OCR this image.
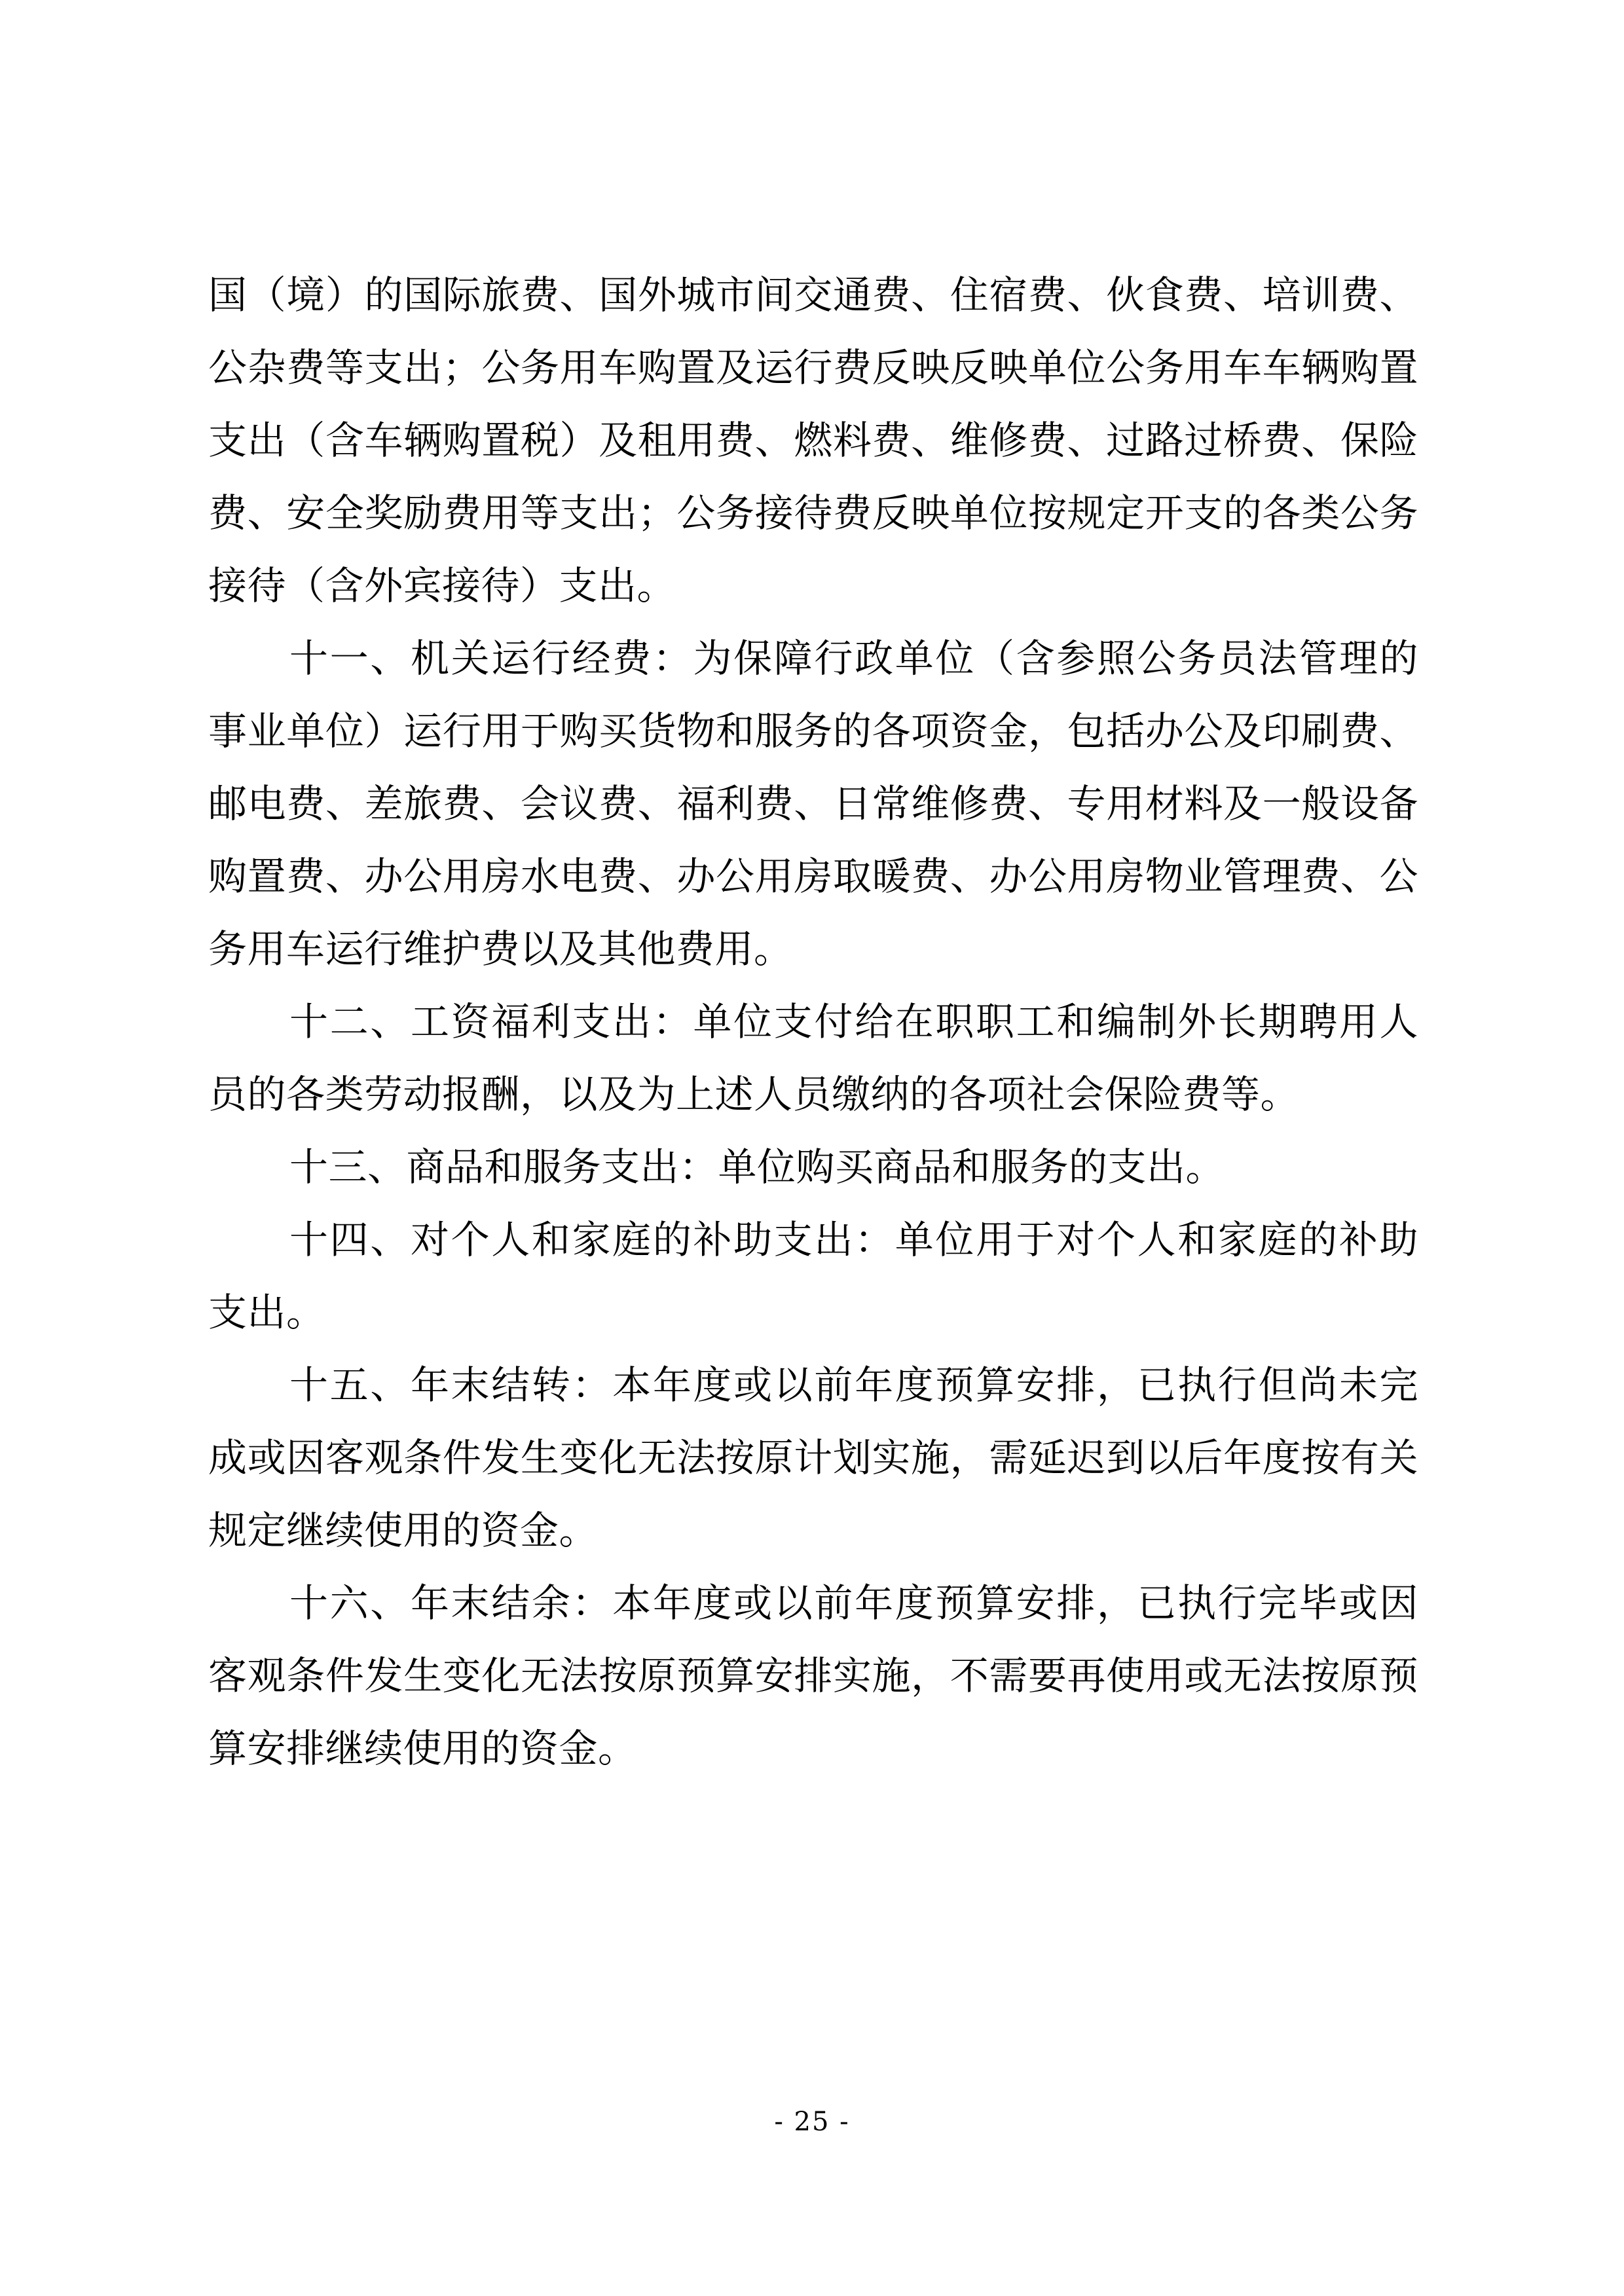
国（境）的国际旅费、国外城市间交通费、住宿费、伙食费、培训费、公杂费等支出；公务用车购置及运行费反映反映单位公务用车车辆购置支出（含车辆购置税）及租用费、燃料费、维修费、过路过桥费、保险费、安全奖励费用等支出；公务接待费反映单位按规定开支的各类公务接待（含外宾接待）支出。

十一、机关运行经费：为保障行政单位（含参照公务员法管理的事业单位）运行用于购买货物和服务的各项资金，包括办公及印刷费、邮电费、差旅费、会议费、福利费、日常维修费、专用材料及一般设备购置费、办公用房水电费、办公用房取暖费、办公用房物业管理费、公务用车运行维护费以及其他费用。

十二、工资福利支出：单位支付给在职职工和编制外长期聘用人员的各类劳动报酬，以及为上述人员缴纳的各项社会保险费等。

十三、商品和服务支出：单位购买商品和服务的支出。

十四、对个人和家庭的补助支出：单位用于对个人和家庭的补助支出。

十五、年末结转：本年度或以前年度预算安排，已执行但尚未完成或因客观条件发生变化无法按原计划实施，需延迟到以后年度按有关规定继续使用的资金。

十六、年末结余：本年度或以前年度预算安排，已执行完毕或因客观条件发生变化无法按原预算安排实施，不需要再使用或无法按原预算安排继续使用的资金。

- 25 -
